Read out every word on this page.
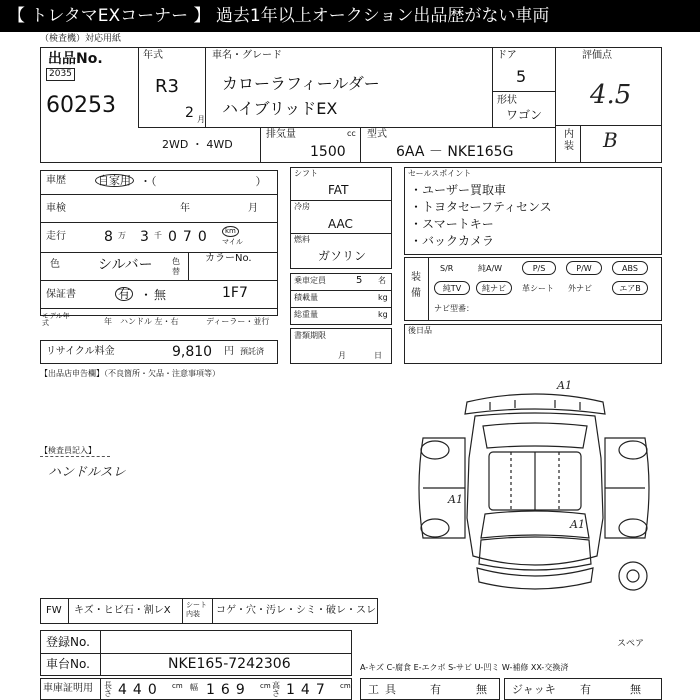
【 トレタマEXコーナー 】 過去1年以上オークション出品歴がない車両
（検査機）対応用紙
出品No.
2035
60253
年式
R3
2 月
車名・グレード
カローラフィールダー
ハイブリッドEX
ドア
5
形状
ワゴン
評価点
4.5
内装 B
2WD ・ 4WD
排気量	cc
1500
型式
6AA － NKE165G
車歴	自家用 ・（　　　　　　　　　）
車検	年	月
走行	8 万 3 千 070	km
マイル
色	シルバー 色替
カラーNo.
1F7
保証書	有 ・ 無
モデル年式	年 ハンドル 左・右	ディーラー・並行
リサイクル料金	9,810 円 預託済
シフト
FAT
冷房
AAC
燃料
ガソリン
乗車定員	5 名
積載量	kg
総重量	kg
書類期限
月	日
セールスポイント
・ユーザー買取車
・トヨタセーフティセンス
・スマートキー
・バックカメラ
装備
S/R	純A/W	P/S	P/W	ABS
純TV	純ナビ	革シート 外ナビ	エアB
ナビ型番：
後日品
【出品店申告欄】（不良箇所・欠品・注意事項等）
【検査員記入】
ハンドルスレ
A1
A1
A1
スペア
FW キズ・ヒビ石・割レX シート内装	コゲ・穴・汚レ・シミ・破レ・スレ
登録No.
車台No.	NKE165-7242306	A-キズ C-腐食 E-エクボ S-サビ U-凹ミ W-補修 XX-交換済
車庫証明用 長さ 440 cm 幅 169 cm 高さ 147 cm 工具	有	無 ジャッキ 有	無
